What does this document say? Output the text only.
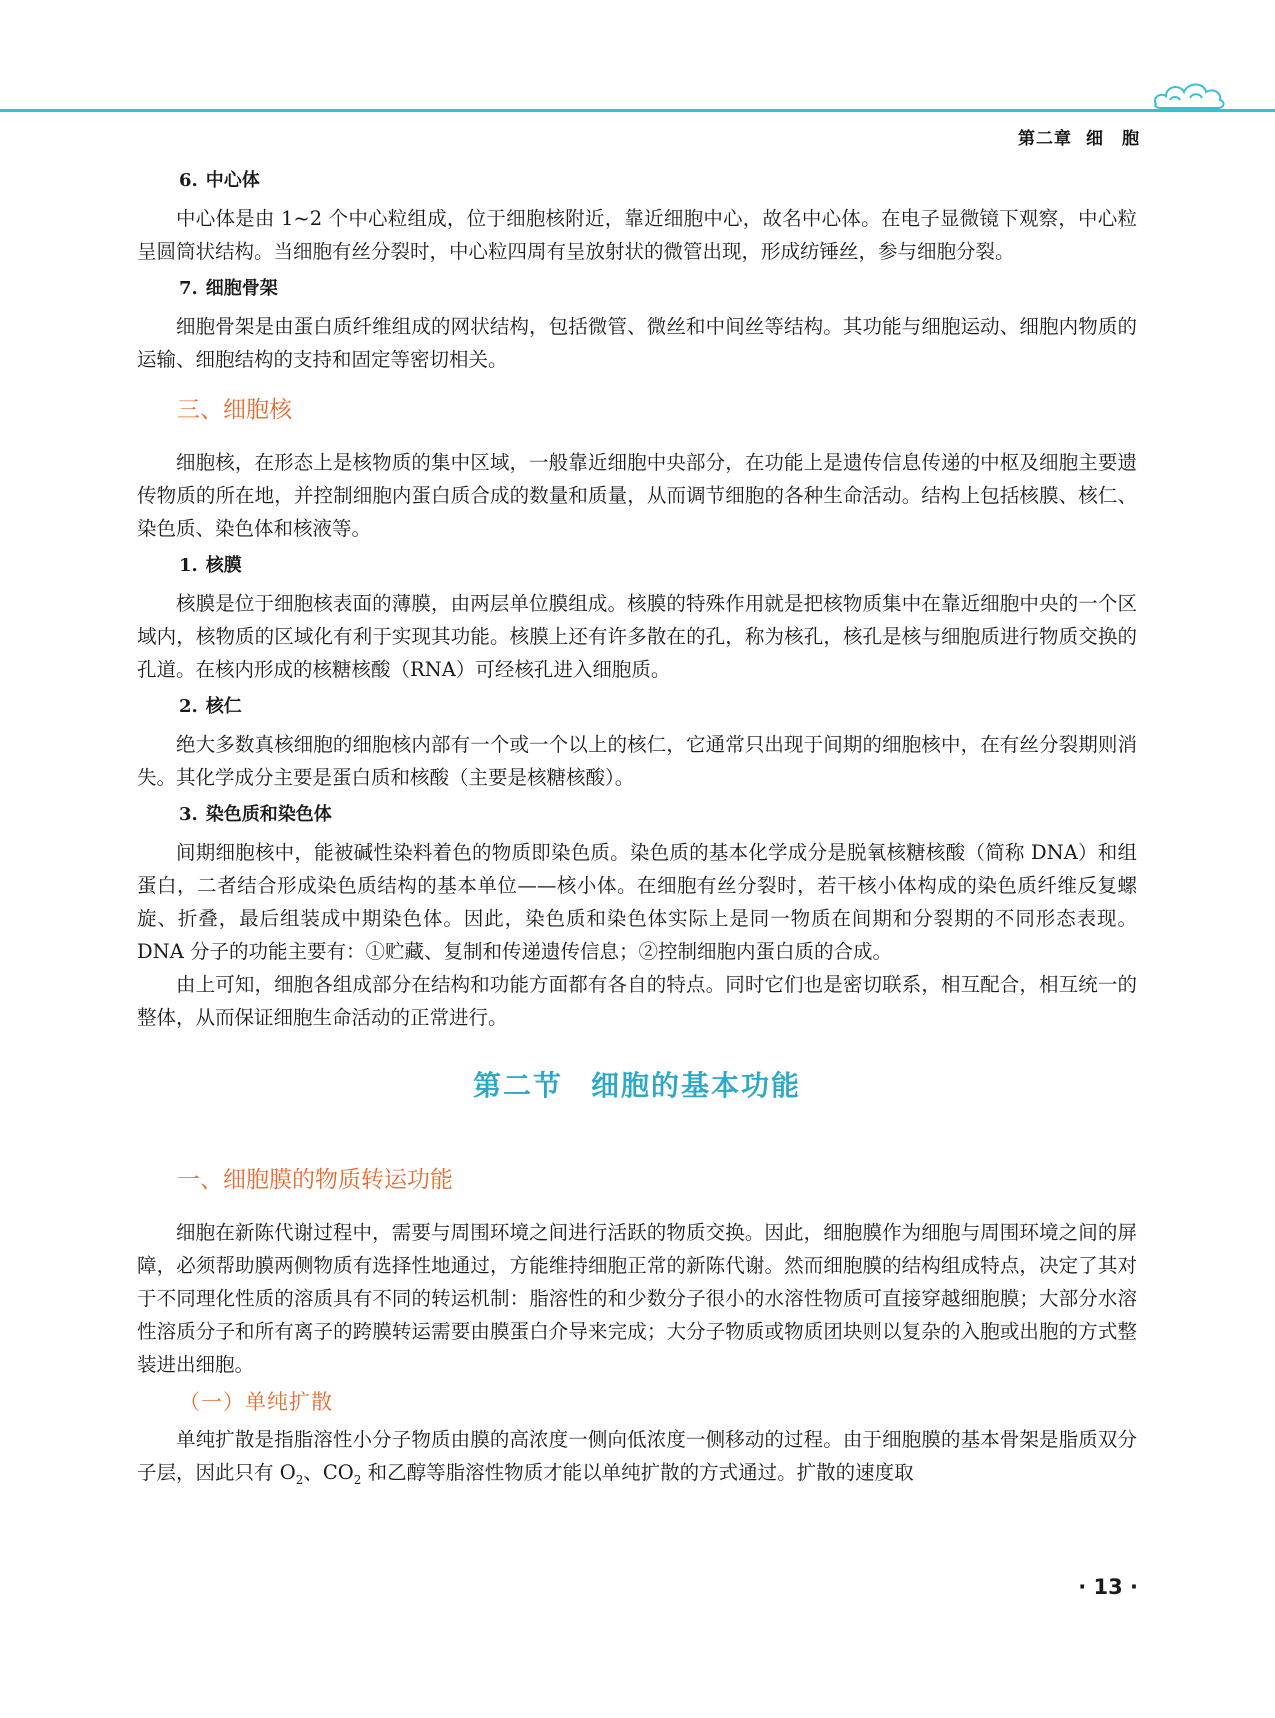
第二章 细　胞
6. 中心体

中心体是由 1~2 个中心粒组成，位于细胞核附近，靠近细胞中心，故名中心体。在电子显微镜下观察，中心粒呈圆筒状结构。当细胞有丝分裂时，中心粒四周有呈放射状的微管出现，形成纺锤丝，参与细胞分裂。

7. 细胞骨架

细胞骨架是由蛋白质纤维组成的网状结构，包括微管、微丝和中间丝等结构。其功能与细胞运动、细胞内物质的运输、细胞结构的支持和固定等密切相关。

三、细胞核

细胞核，在形态上是核物质的集中区域，一般靠近细胞中央部分，在功能上是遗传信息传递的中枢及细胞主要遗传物质的所在地，并控制细胞内蛋白质合成的数量和质量，从而调节细胞的各种生命活动。结构上包括核膜、核仁、染色质、染色体和核液等。

1. 核膜

核膜是位于细胞核表面的薄膜，由两层单位膜组成。核膜的特殊作用就是把核物质集中在靠近细胞中央的一个区域内，核物质的区域化有利于实现其功能。核膜上还有许多散在的孔，称为核孔，核孔是核与细胞质进行物质交换的孔道。在核内形成的核糖核酸（RNA）可经核孔进入细胞质。

2. 核仁

绝大多数真核细胞的细胞核内部有一个或一个以上的核仁，它通常只出现于间期的细胞核中，在有丝分裂期则消失。其化学成分主要是蛋白质和核酸（主要是核糖核酸）。

3. 染色质和染色体

间期细胞核中，能被碱性染料着色的物质即染色质。染色质的基本化学成分是脱氧核糖核酸（简称 DNA）和组蛋白，二者结合形成染色质结构的基本单位——核小体。在细胞有丝分裂时，若干核小体构成的染色质纤维反复螺旋、折叠，最后组装成中期染色体。因此，染色质和染色体实际上是同一物质在间期和分裂期的不同形态表现。DNA 分子的功能主要有：①贮藏、复制和传递遗传信息；②控制细胞内蛋白质的合成。

由上可知，细胞各组成部分在结构和功能方面都有各自的特点。同时它们也是密切联系，相互配合，相互统一的整体，从而保证细胞生命活动的正常进行。

第二节 细胞的基本功能
一、细胞膜的物质转运功能

细胞在新陈代谢过程中，需要与周围环境之间进行活跃的物质交换。因此，细胞膜作为细胞与周围环境之间的屏障，必须帮助膜两侧物质有选择性地通过，方能维持细胞正常的新陈代谢。然而细胞膜的结构组成特点，决定了其对于不同理化性质的溶质具有不同的转运机制：脂溶性的和少数分子很小的水溶性物质可直接穿越细胞膜；大部分水溶性溶质分子和所有离子的跨膜转运需要由膜蛋白介导来完成；大分子物质或物质团块则以复杂的入胞或出胞的方式整装进出细胞。

（一）单纯扩散

单纯扩散是指脂溶性小分子物质由膜的高浓度一侧向低浓度一侧移动的过程。由于细胞膜的基本骨架是脂质双分子层，因此只有 $O_2$、$CO_2$ 和乙醇等脂溶性物质才能以单纯扩散的方式通过。扩散的速度取

· 13 ·
